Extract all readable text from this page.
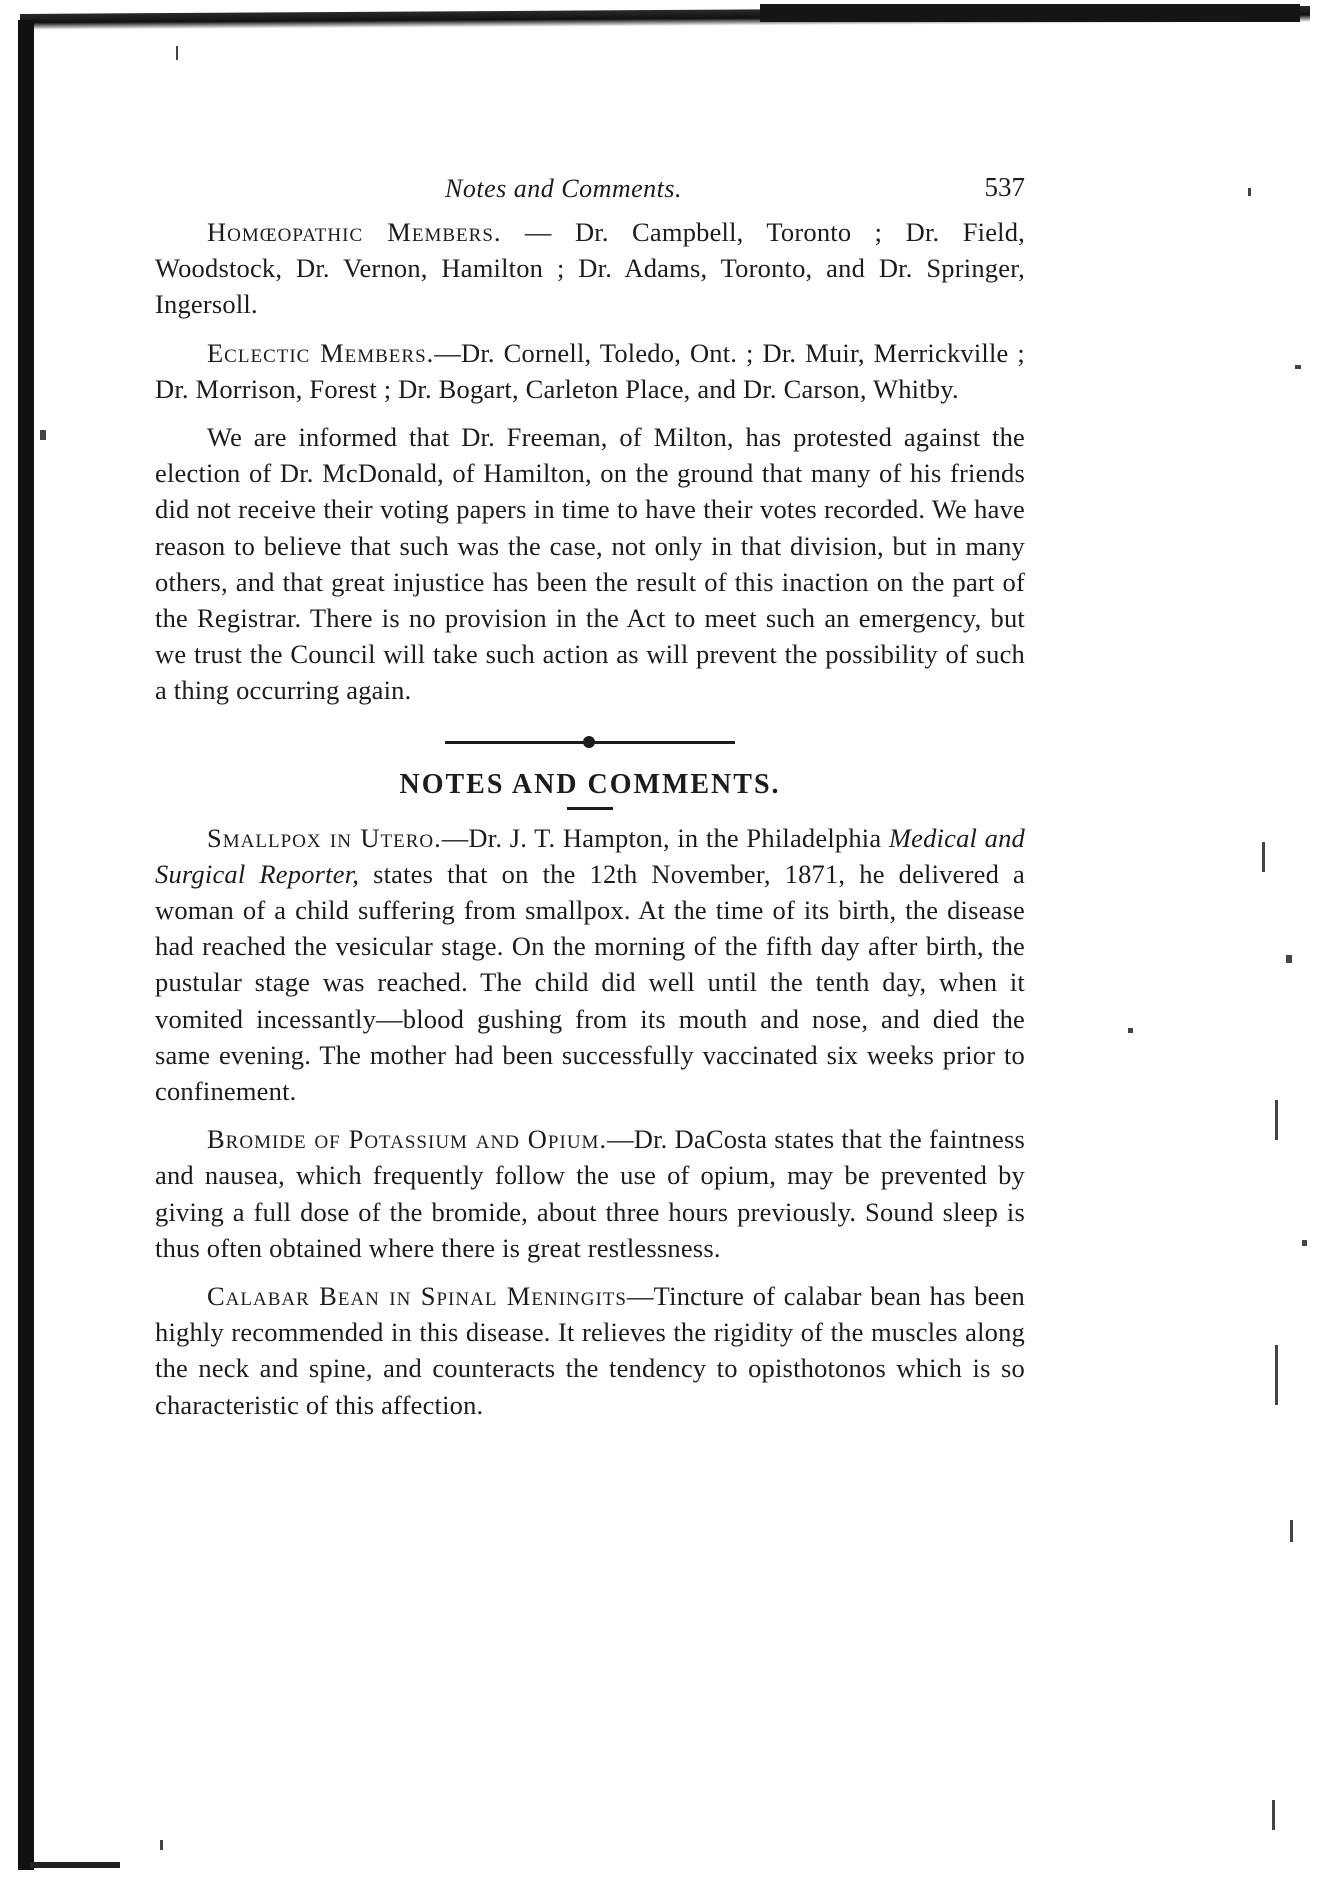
Notes and Comments.	537

Homœopathic Members. — Dr. Campbell, Toronto ; Dr. Field, Woodstock, Dr. Vernon, Hamilton ; Dr. Adams, Toronto, and Dr. Springer, Ingersoll.

Eclectic Members.—Dr. Cornell, Toledo, Ont. ; Dr. Muir, Merrickville ; Dr. Morrison, Forest ; Dr. Bogart, Carleton Place, and Dr. Carson, Whitby.

We are informed that Dr. Freeman, of Milton, has protested against the election of Dr. McDonald, of Hamilton, on the ground that many of his friends did not receive their voting papers in time to have their votes recorded. We have reason to believe that such was the case, not only in that division, but in many others, and that great injustice has been the result of this inaction on the part of the Registrar. There is no provision in the Act to meet such an emergency, but we trust the Council will take such action as will prevent the possibility of such a thing occurring again.

NOTES AND COMMENTS.

Smallpox in Utero.—Dr. J. T. Hampton, in the Philadelphia Medical and Surgical Reporter, states that on the 12th November, 1871, he delivered a woman of a child suffering from smallpox. At the time of its birth, the disease had reached the vesicular stage. On the morning of the fifth day after birth, the pustular stage was reached. The child did well until the tenth day, when it vomited incessantly—blood gushing from its mouth and nose, and died the same evening. The mother had been successfully vaccinated six weeks prior to confinement.

Bromide of Potassium and Opium.—Dr. DaCosta states that the faintness and nausea, which frequently follow the use of opium, may be prevented by giving a full dose of the bromide, about three hours previously. Sound sleep is thus often obtained where there is great restlessness.

Calabar Bean in Spinal Meningits—Tincture of calabar bean has been highly recommended in this disease. It relieves the rigidity of the muscles along the neck and spine, and counteracts the tendency to opisthotonos which is so characteristic of this affection.
